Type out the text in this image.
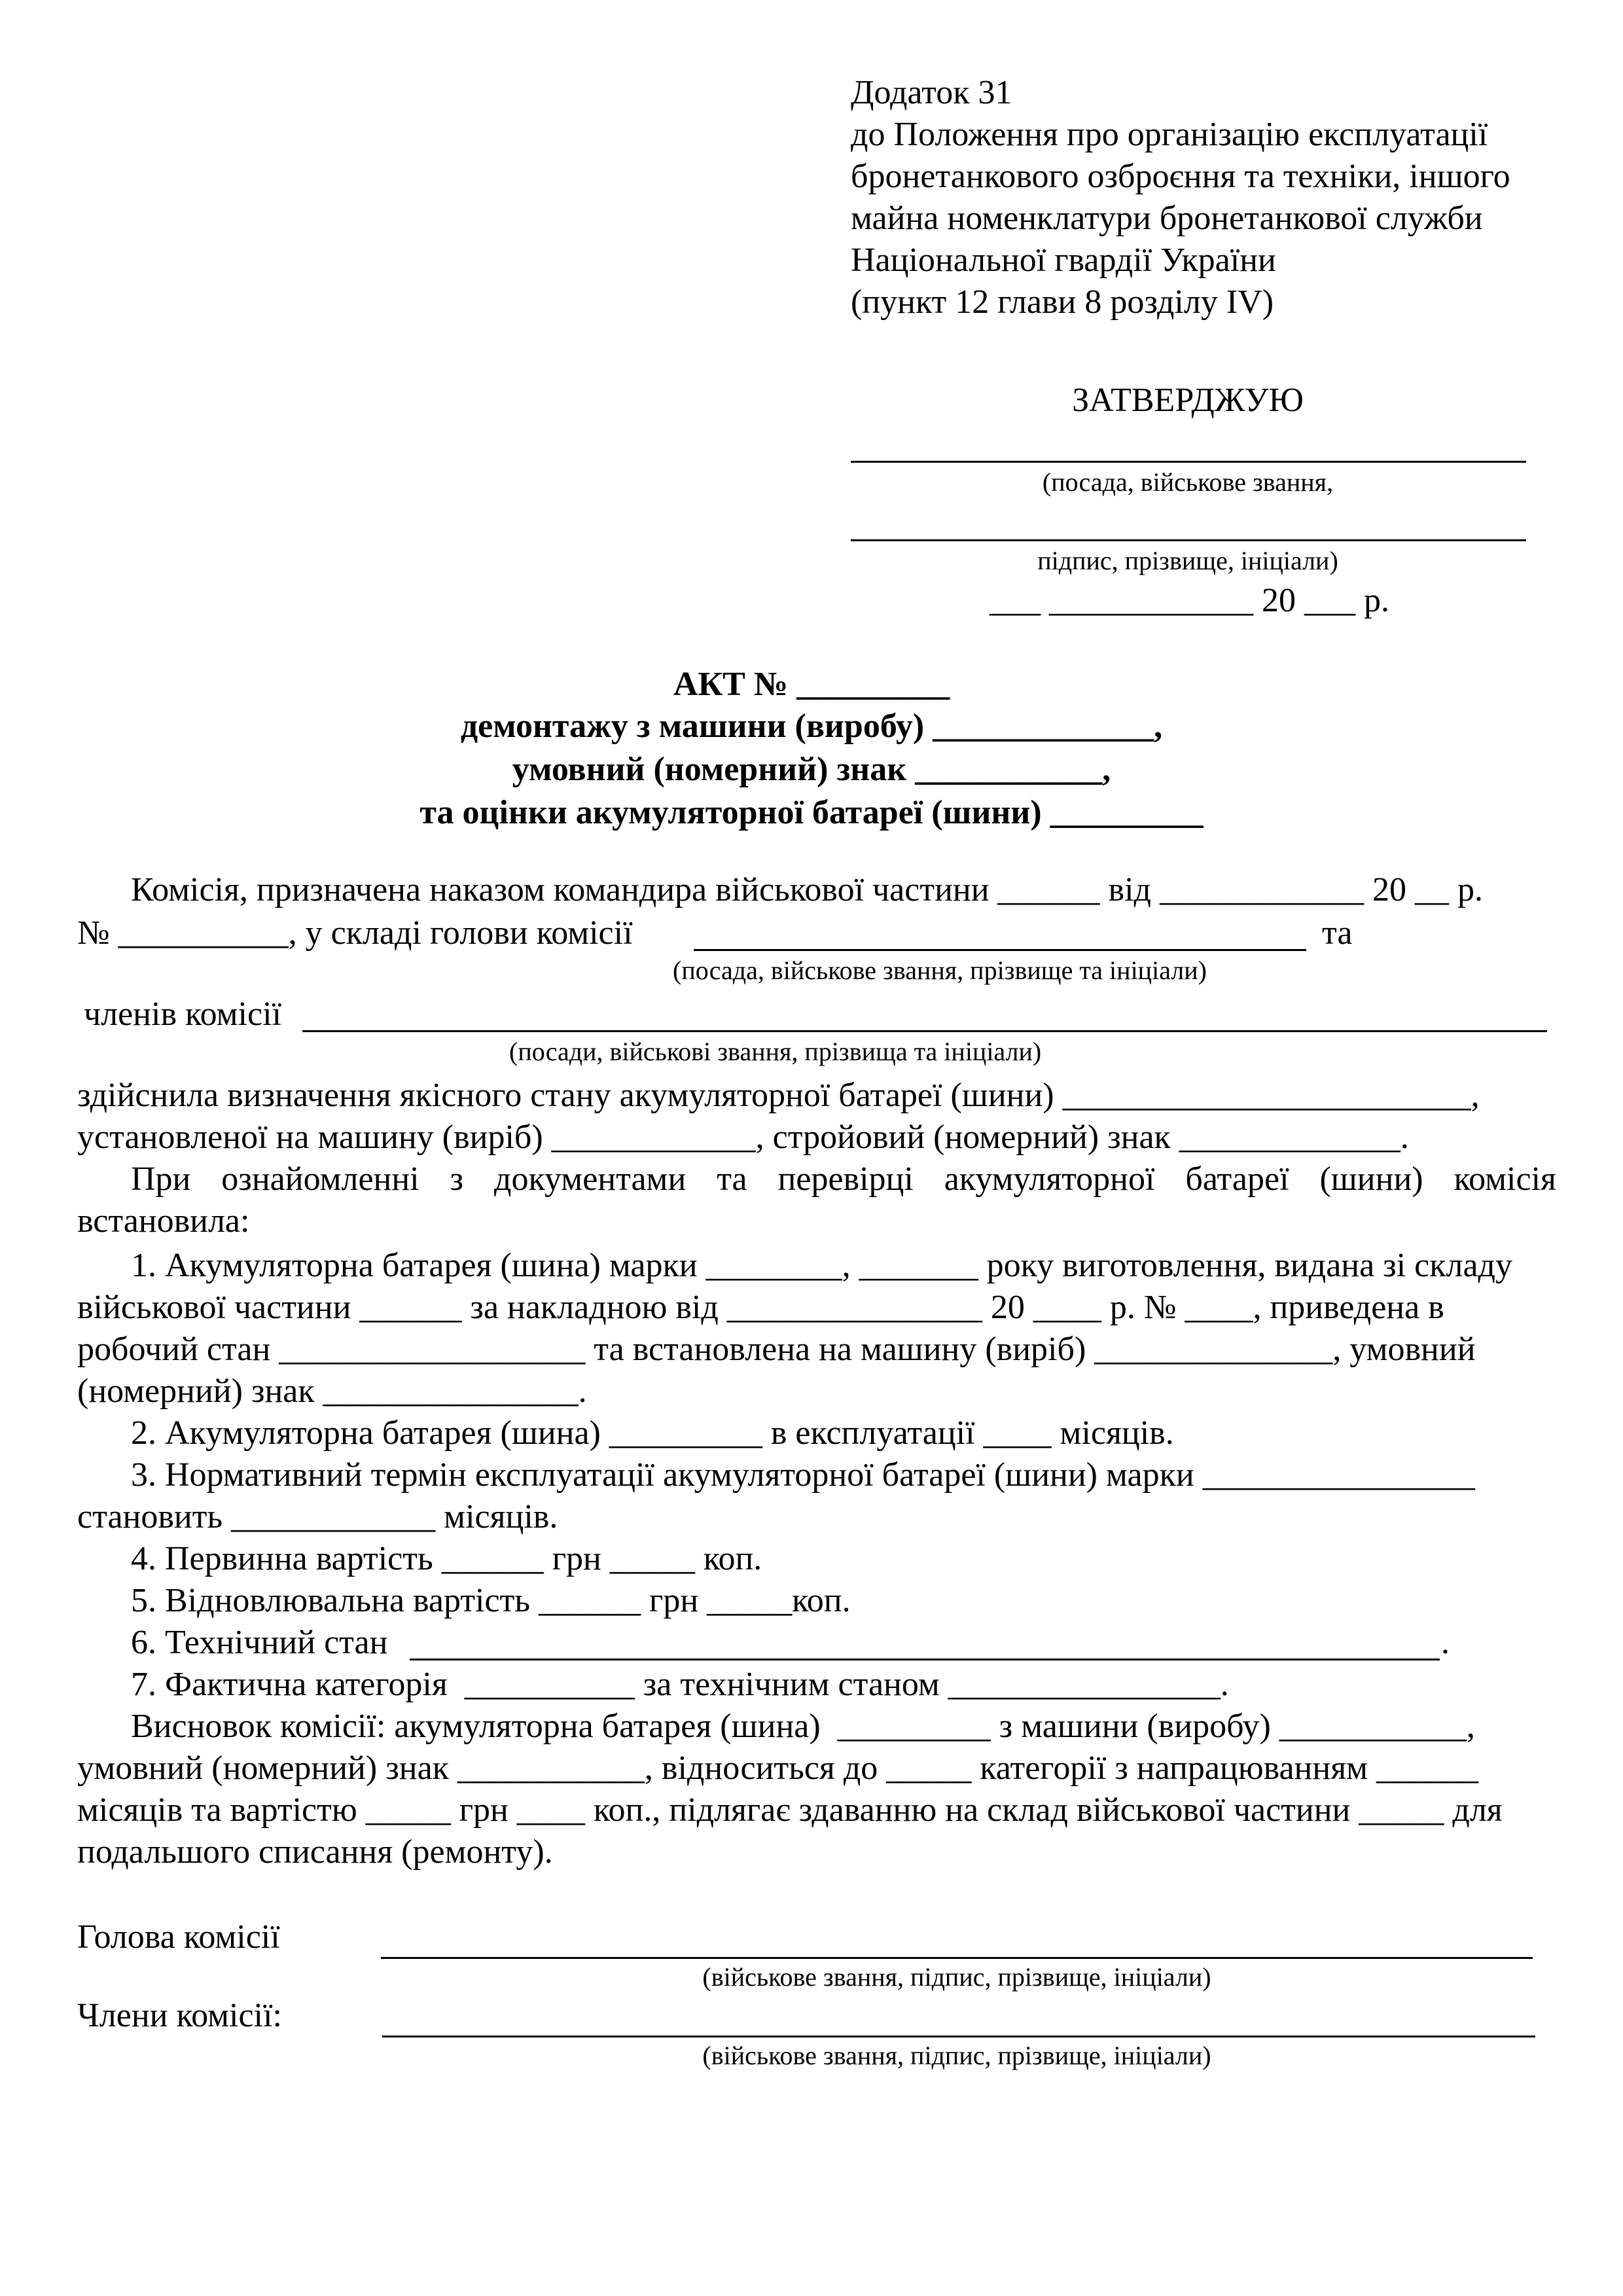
Додаток 31
до Положення про організацію експлуатації
бронетанкового озброєння та техніки, іншого
майна номенклатури бронетанкової служби
Національної гвардії України
(пункт 12 глави 8 розділу IV)
ЗАТВЕРДЖУЮ
(посада, військове звання,
підпис, прізвище, ініціали)
___ ____________ 20 ___ р.
АКТ № _________
демонтажу з машини (виробу) _____________,
умовний (номерний) знак ___________,
та оцінки акумуляторної батареї (шини) _________
Комісія, призначена наказом командира військової частини ______ від ____________ 20 __ р.
№ __________, у складі голови комісії	та
(посада, військове звання, прізвище та ініціали)
членів комісії
(посади, військові звання, прізвища та ініціали)
здійснила визначення якісного стану акумуляторної батареї (шини) ________________________,
установленої на машину (виріб) ____________, стройовий (номерний) знак _____________.
При ознайомленні з документами та перевірці акумуляторної батареї (шини) комісія
встановила:
1. Акумуляторна батарея (шина) марки ________, _______ року виготовлення, видана зі складу
військової частини ______ за накладною від _______________ 20 ____ р. № ____, приведена в
робочий стан __________________ та встановлена на машину (виріб) ______________, умовний
(номерний) знак _______________.
2. Акумуляторна батарея (шина) _________ в експлуатації ____ місяців.
3. Нормативний термін експлуатації акумуляторної батареї (шини) марки ________________
становить ____________ місяців.
4. Первинна вартість ______ грн _____ коп.
5. Відновлювальна вартість ______ грн _____коп.
6. Технічний стан	.
7. Фактична категорія  __________ за технічним станом ________________.
Висновок комісії: акумуляторна батарея (шина)  _________ з машини (виробу) ___________,
умовний (номерний) знак ___________, відноситься до _____ категорії з напрацюванням ______
місяців та вартістю _____ грн ____ коп., підлягає здаванню на склад військової частини _____ для
подальшого списання (ремонту).
Голова комісії
(військове звання, підпис, прізвище, ініціали)
Члени комісії:
(військове звання, підпис, прізвище, ініціали)
